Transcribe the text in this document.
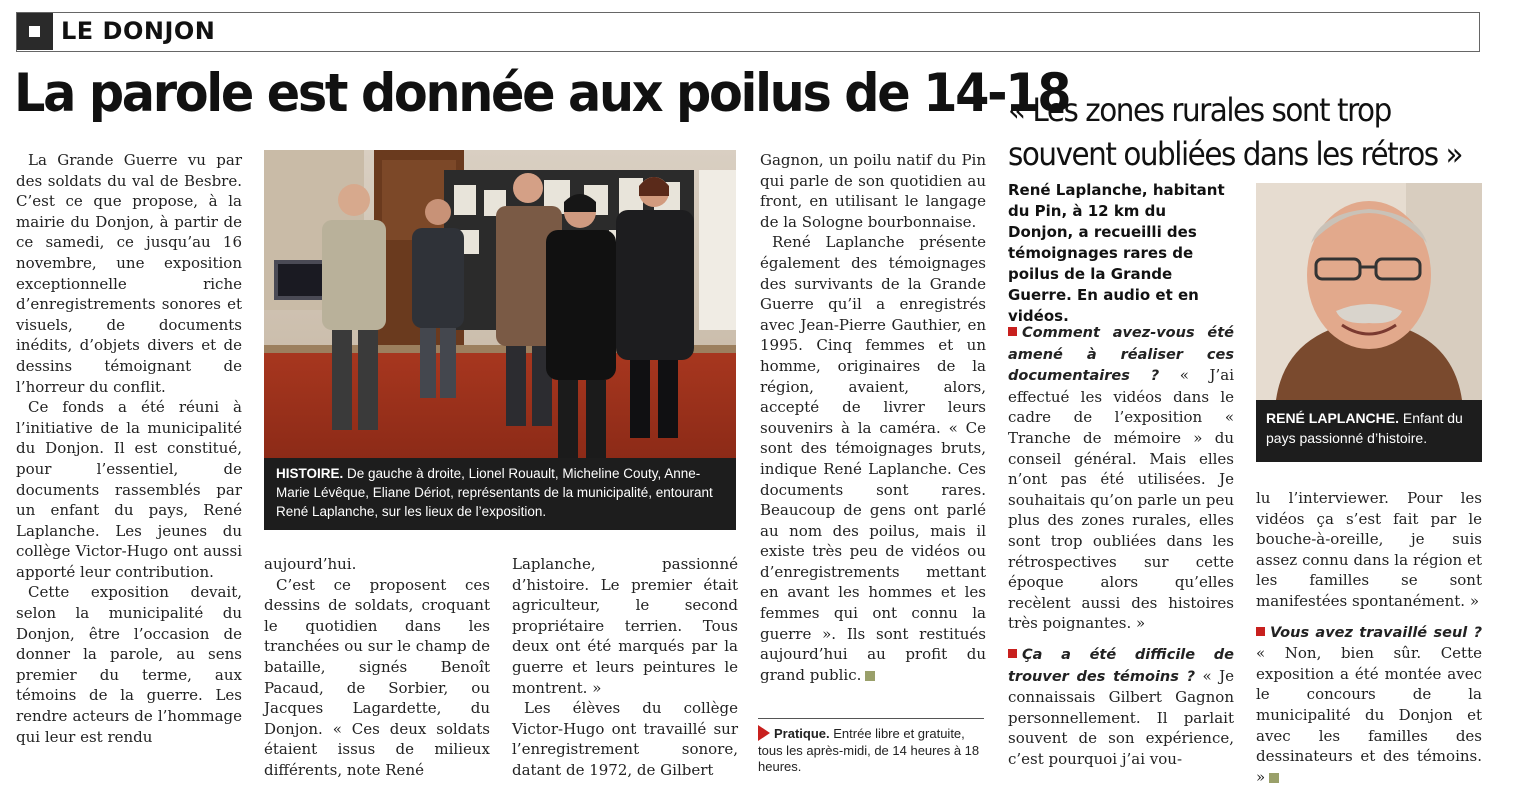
LE DONJON
La parole est donnée aux poilus de 14-18

La Grande Guerre vu par des soldats du val de Besbre. C’est ce que propose, à la mairie du Donjon, à partir de ce samedi, ce jusqu’au 16 novembre, une exposition exceptionnelle riche d’enregistrements sonores et visuels, de documents inédits, d’objets divers et de dessins témoignant de l’horreur du conflit.

Ce fonds a été réuni à l’initiative de la municipalité du Donjon. Il est constitué, pour l’essentiel, de documents rassemblés par un enfant du pays, René Laplanche. Les jeunes du collège Victor-Hugo ont aussi apporté leur contribution.

Cette exposition devait, selon la municipalité du Donjon, être l’occasion de donner la parole, au sens premier du terme, aux témoins de la guerre. Les rendre acteurs de l’hommage qui leur est rendu

HISTOIRE. De gauche à droite, Lionel Rouault, Micheline Couty, Anne-Marie Lévêque, Eliane Dériot, représentants de la municipalité, entourant René Laplanche, sur les lieux de l’exposition.

aujourd’hui.

C’est ce proposent ces dessins de soldats, croquant le quotidien dans les tranchées ou sur le champ de bataille, signés Benoît Pacaud, de Sorbier, ou Jacques Lagardette, du Donjon. « Ces deux soldats étaient issus de milieux différents, note René

Laplanche, passionné d’histoire. Le premier était agriculteur, le second propriétaire terrien. Tous deux ont été marqués par la guerre et leurs peintures le montrent. »

Les élèves du collège Victor-Hugo ont travaillé sur l’enregistrement sonore, datant de 1972, de Gilbert

Gagnon, un poilu natif du Pin qui parle de son quotidien au front, en utilisant le langage de la Sologne bourbonnaise.

René Laplanche présente également des témoignages des survivants de la Grande Guerre qu’il a enregistrés avec Jean-Pierre Gauthier, en 1995. Cinq femmes et un homme, originaires de la région, avaient, alors, accepté de livrer leurs souvenirs à la caméra. « Ce sont des témoignages bruts, indique René Laplanche. Ces documents sont rares. Beaucoup de gens ont parlé au nom des poilus, mais il existe très peu de vidéos ou d’enregistrements mettant en avant les hommes et les femmes qui ont connu la guerre ». Ils sont restitués aujourd’hui au profit du grand public.

Pratique. Entrée libre et gratuite, tous les après-midi, de 14 heures à 18 heures.
« Les zones rurales sont trop
souvent oubliées dans les rétros »
René Laplanche, habitant du Pin, à 12 km du Donjon, a recueilli des témoignages rares de poilus de la Grande Guerre. En audio et en vidéos.

Comment avez-vous été amené à réaliser ces documentaires ? « J’ai effectué les vidéos dans le cadre de l’exposition « Tranche de mémoire » du conseil général. Mais elles n’ont pas été utilisées. Je souhaitais qu’on parle un peu plus des zones rurales, elles sont trop oubliées dans les rétrospectives sur cette époque alors qu’elles recèlent aussi des histoires très poignantes. »

Ça a été difficile de trouver des témoins ? « Je connaissais Gilbert Gagnon personnellement. Il parlait souvent de son expérience, c’est pourquoi j’ai vou-

RENÉ LAPLANCHE. Enfant du pays passionné d’histoire.

lu l’interviewer. Pour les vidéos ça s’est fait par le bouche-à-oreille, je suis assez connu dans la région et les familles se sont manifestées spontanément. »

Vous avez travaillé seul ? « Non, bien sûr. Cette exposition a été montée avec le concours de la municipalité du Donjon et avec les familles des dessinateurs et des témoins. »
